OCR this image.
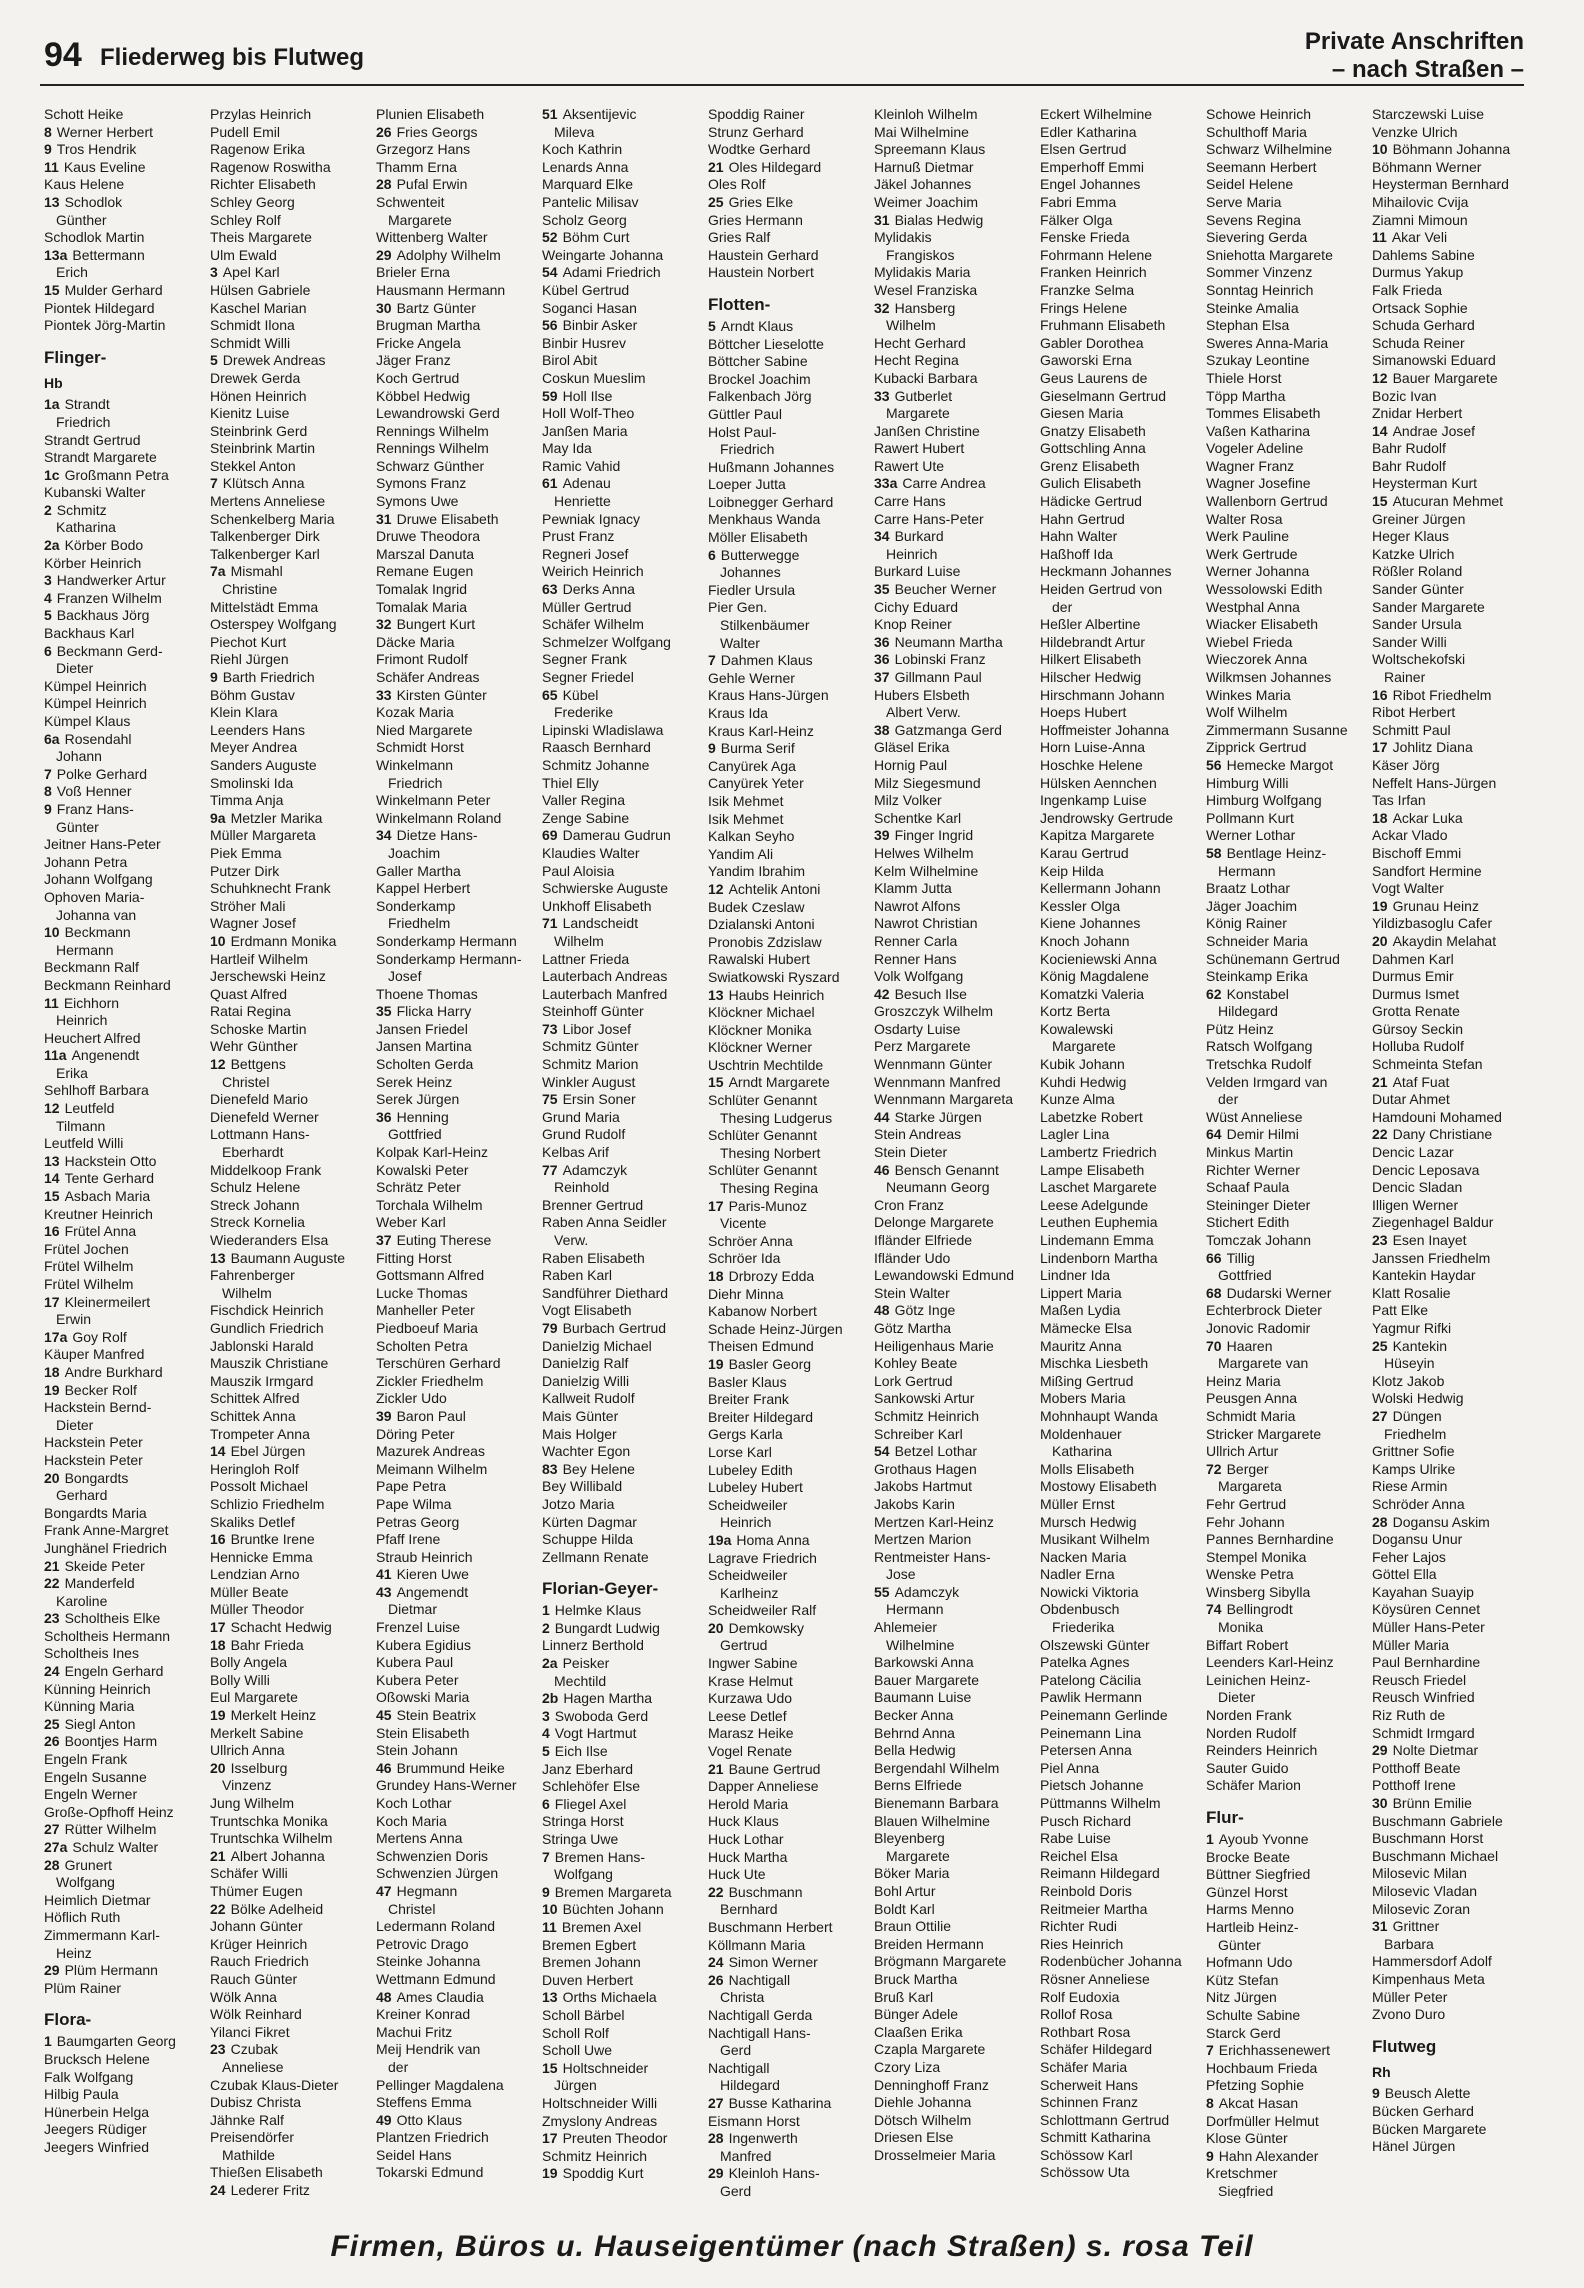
94 Fliederweg bis Flutweg
Private Anschriften
– nach Straßen –
Schott Heike
8 Werner Herbert
9 Tros Hendrik
11 Kaus Eveline
Kaus Helene
13 Schodlok
Günther
Schodlok Martin
13a Bettermann
Erich
15 Mulder Gerhard
Piontek Hildegard
Piontek Jörg-Martin
Flinger-
Hb
1a Strandt
Friedrich
Strandt Gertrud
Strandt Margarete
1c Großmann Petra
Kubanski Walter
2 Schmitz
Katharina
2a Körber Bodo
Körber Heinrich
3 Handwerker Artur
4 Franzen Wilhelm
5 Backhaus Jörg
Backhaus Karl
6 Beckmann Gerd-
Dieter
Kümpel Heinrich
Kümpel Heinrich
Kümpel Klaus
6a Rosendahl
Johann
7 Polke Gerhard
8 Voß Henner
9 Franz Hans-
Günter
Jeitner Hans-Peter
Johann Petra
Johann Wolfgang
Ophoven Maria-
Johanna van
10 Beckmann
Hermann
Beckmann Ralf
Beckmann Reinhard
11 Eichhorn
Heinrich
Heuchert Alfred
11a Angenendt
Erika
Sehlhoff Barbara
12 Leutfeld
Tilmann
Leutfeld Willi
13 Hackstein Otto
14 Tente Gerhard
15 Asbach Maria
Kreutner Heinrich
16 Frütel Anna
Frütel Jochen
Frütel Wilhelm
Frütel Wilhelm
17 Kleinermeilert
Erwin
17a Goy Rolf
Käuper Manfred
18 Andre Burkhard
19 Becker Rolf
Hackstein Bernd-
Dieter
Hackstein Peter
Hackstein Peter
20 Bongardts
Gerhard
Bongardts Maria
Frank Anne-Margret
Junghänel Friedrich
21 Skeide Peter
22 Manderfeld
Karoline
23 Scholtheis Elke
Scholtheis Hermann
Scholtheis Ines
24 Engeln Gerhard
Künning Heinrich
Künning Maria
25 Siegl Anton
26 Boontjes Harm
Engeln Frank
Engeln Susanne
Engeln Werner
Große-Opfhoff Heinz
27 Rütter Wilhelm
27a Schulz Walter
28 Grunert
Wolfgang
Heimlich Dietmar
Höflich Ruth
Zimmermann Karl-
Heinz
29 Plüm Hermann
Plüm Rainer
Flora-
1 Baumgarten Georg
Brucksch Helene
Falk Wolfgang
Hilbig Paula
Hünerbein Helga
Jeegers Rüdiger
Jeegers Winfried
Przylas Heinrich
Pudell Emil
Ragenow Erika
Ragenow Roswitha
Richter Elisabeth
Schley Georg
Schley Rolf
Theis Margarete
Ulm Ewald
3 Apel Karl
Hülsen Gabriele
Kaschel Marian
Schmidt Ilona
Schmidt Willi
5 Drewek Andreas
Drewek Gerda
Hönen Heinrich
Kienitz Luise
Steinbrink Gerd
Steinbrink Martin
Stekkel Anton
7 Klütsch Anna
Mertens Anneliese
Schenkelberg Maria
Talkenberger Dirk
Talkenberger Karl
7a Mismahl
Christine
Mittelstädt Emma
Osterspey Wolfgang
Piechot Kurt
Riehl Jürgen
9 Barth Friedrich
Böhm Gustav
Klein Klara
Leenders Hans
Meyer Andrea
Sanders Auguste
Smolinski Ida
Timma Anja
9a Metzler Marika
Müller Margareta
Piek Emma
Putzer Dirk
Schuhknecht Frank
Ströher Mali
Wagner Josef
10 Erdmann Monika
Hartleif Wilhelm
Jerschewski Heinz
Quast Alfred
Ratai Regina
Schoske Martin
Wehr Günther
12 Bettgens
Christel
Dienefeld Mario
Dienefeld Werner
Lottmann Hans-
Eberhardt
Middelkoop Frank
Schulz Helene
Streck Johann
Streck Kornelia
Wiederanders Elsa
13 Baumann Auguste
Fahrenberger
Wilhelm
Fischdick Heinrich
Gundlich Friedrich
Jablonski Harald
Mauszik Christiane
Mauszik Irmgard
Schittek Alfred
Schittek Anna
Trompeter Anna
14 Ebel Jürgen
Heringloh Rolf
Possolt Michael
Schlizio Friedhelm
Skaliks Detlef
16 Bruntke Irene
Hennicke Emma
Lendzian Arno
Müller Beate
Müller Theodor
17 Schacht Hedwig
18 Bahr Frieda
Bolly Angela
Bolly Willi
Eul Margarete
19 Merkelt Heinz
Merkelt Sabine
Ullrich Anna
20 Isselburg
Vinzenz
Jung Wilhelm
Truntschka Monika
Truntschka Wilhelm
21 Albert Johanna
Schäfer Willi
Thümer Eugen
22 Bölke Adelheid
Johann Günter
Krüger Heinrich
Rauch Friedrich
Rauch Günter
Wölk Anna
Wölk Reinhard
Yilanci Fikret
23 Czubak
Anneliese
Czubak Klaus-Dieter
Dubisz Christa
Jähnke Ralf
Preisendörfer
Mathilde
Thießen Elisabeth
24 Lederer Fritz
Plunien Elisabeth
26 Fries Georgs
Grzegorz Hans
Thamm Erna
28 Pufal Erwin
Schwenteit
Margarete
Wittenberg Walter
29 Adolphy Wilhelm
Brieler Erna
Hausmann Hermann
30 Bartz Günter
Brugman Martha
Fricke Angela
Jäger Franz
Koch Gertrud
Köbbel Hedwig
Lewandrowski Gerd
Rennings Wilhelm
Rennings Wilhelm
Schwarz Günther
Symons Franz
Symons Uwe
31 Druwe Elisabeth
Druwe Theodora
Marszal Danuta
Remane Eugen
Tomalak Ingrid
Tomalak Maria
32 Bungert Kurt
Däcke Maria
Frimont Rudolf
Schäfer Andreas
33 Kirsten Günter
Kozak Maria
Nied Margarete
Schmidt Horst
Winkelmann
Friedrich
Winkelmann Peter
Winkelmann Roland
34 Dietze Hans-
Joachim
Galler Martha
Kappel Herbert
Sonderkamp
Friedhelm
Sonderkamp Hermann
Sonderkamp Hermann-
Josef
Thoene Thomas
35 Flicka Harry
Jansen Friedel
Jansen Martina
Scholten Gerda
Serek Heinz
Serek Jürgen
36 Henning
Gottfried
Kolpak Karl-Heinz
Kowalski Peter
Schrätz Peter
Torchala Wilhelm
Weber Karl
37 Euting Therese
Fitting Horst
Gottsmann Alfred
Lucke Thomas
Manheller Peter
Piedboeuf Maria
Scholten Petra
Terschüren Gerhard
Zickler Friedhelm
Zickler Udo
39 Baron Paul
Döring Peter
Mazurek Andreas
Meimann Wilhelm
Pape Petra
Pape Wilma
Petras Georg
Pfaff Irene
Straub Heinrich
41 Kieren Uwe
43 Angemendt
Dietmar
Frenzel Luise
Kubera Egidius
Kubera Paul
Kubera Peter
Oßowski Maria
45 Stein Beatrix
Stein Elisabeth
Stein Johann
46 Brummund Heike
Grundey Hans-Werner
Koch Lothar
Koch Maria
Mertens Anna
Schwenzien Doris
Schwenzien Jürgen
47 Hegmann
Christel
Ledermann Roland
Petrovic Drago
Steinke Johanna
Wettmann Edmund
48 Ames Claudia
Kreiner Konrad
Machui Fritz
Meij Hendrik van
der
Pellinger Magdalena
Steffens Emma
49 Otto Klaus
Plantzen Friedrich
Seidel Hans
Tokarski Edmund
51 Aksentijevic
Mileva
Koch Kathrin
Lenards Anna
Marquard Elke
Pantelic Milisav
Scholz Georg
52 Böhm Curt
Weingarte Johanna
54 Adami Friedrich
Kübel Gertrud
Soganci Hasan
56 Binbir Asker
Binbir Husrev
Birol Abit
Coskun Mueslim
59 Holl Ilse
Holl Wolf-Theo
Janßen Maria
May Ida
Ramic Vahid
61 Adenau
Henriette
Pewniak Ignacy
Prust Franz
Regneri Josef
Weirich Heinrich
63 Derks Anna
Müller Gertrud
Schäfer Wilhelm
Schmelzer Wolfgang
Segner Frank
Segner Friedel
65 Kübel
Frederike
Lipinski Wladislawa
Raasch Bernhard
Schmitz Johanne
Thiel Elly
Valler Regina
Zenge Sabine
69 Damerau Gudrun
Klaudies Walter
Paul Aloisia
Schwierske Auguste
Unkhoff Elisabeth
71 Landscheidt
Wilhelm
Lattner Frieda
Lauterbach Andreas
Lauterbach Manfred
Steinhoff Günter
73 Libor Josef
Schmitz Günter
Schmitz Marion
Winkler August
75 Ersin Soner
Grund Maria
Grund Rudolf
Kelbas Arif
77 Adamczyk
Reinhold
Brenner Gertrud
Raben Anna Seidler
Verw.
Raben Elisabeth
Raben Karl
Sandführer Diethard
Vogt Elisabeth
79 Burbach Gertrud
Danielzig Michael
Danielzig Ralf
Danielzig Willi
Kallweit Rudolf
Mais Günter
Mais Holger
Wachter Egon
83 Bey Helene
Bey Willibald
Jotzo Maria
Kürten Dagmar
Schuppe Hilda
Zellmann Renate
Florian-Geyer-
1 Helmke Klaus
2 Bungardt Ludwig
Linnerz Berthold
2a Peisker
Mechtild
2b Hagen Martha
3 Swoboda Gerd
4 Vogt Hartmut
5 Eich Ilse
Janz Eberhard
Schlehöfer Else
6 Fliegel Axel
Stringa Horst
Stringa Uwe
7 Bremen Hans-
Wolfgang
9 Bremen Margareta
10 Büchten Johann
11 Bremen Axel
Bremen Egbert
Bremen Johann
Duven Herbert
13 Orths Michaela
Scholl Bärbel
Scholl Rolf
Scholl Uwe
15 Holtschneider
Jürgen
Holtschneider Willi
Zmyslony Andreas
17 Preuten Theodor
Schmitz Heinrich
19 Spoddig Kurt
Spoddig Rainer
Strunz Gerhard
Wodtke Gerhard
21 Oles Hildegard
Oles Rolf
25 Gries Elke
Gries Hermann
Gries Ralf
Haustein Gerhard
Haustein Norbert
Flotten-
5 Arndt Klaus
Böttcher Lieselotte
Böttcher Sabine
Brockel Joachim
Falkenbach Jörg
Güttler Paul
Holst Paul-
Friedrich
Hußmann Johannes
Loeper Jutta
Loibnegger Gerhard
Menkhaus Wanda
Möller Elisabeth
6 Butterwegge
Johannes
Fiedler Ursula
Pier Gen.
Stilkenbäumer
Walter
7 Dahmen Klaus
Gehle Werner
Kraus Hans-Jürgen
Kraus Ida
Kraus Karl-Heinz
9 Burma Serif
Canyürek Aga
Canyürek Yeter
Isik Mehmet
Isik Mehmet
Kalkan Seyho
Yandim Ali
Yandim Ibrahim
12 Achtelik Antoni
Budek Czeslaw
Dzialanski Antoni
Pronobis Zdzislaw
Rawalski Hubert
Swiatkowski Ryszard
13 Haubs Heinrich
Klöckner Michael
Klöckner Monika
Klöckner Werner
Uschtrin Mechtilde
15 Arndt Margarete
Schlüter Genannt
Thesing Ludgerus
Schlüter Genannt
Thesing Norbert
Schlüter Genannt
Thesing Regina
17 Paris-Munoz
Vicente
Schröer Anna
Schröer Ida
18 Drbrozy Edda
Diehr Minna
Kabanow Norbert
Schade Heinz-Jürgen
Theisen Edmund
19 Basler Georg
Basler Klaus
Breiter Frank
Breiter Hildegard
Gergs Karla
Lorse Karl
Lubeley Edith
Lubeley Hubert
Scheidweiler
Heinrich
19a Homa Anna
Lagrave Friedrich
Scheidweiler
Karlheinz
Scheidweiler Ralf
20 Demkowsky
Gertrud
Ingwer Sabine
Krase Helmut
Kurzawa Udo
Leese Detlef
Marasz Heike
Vogel Renate
21 Baune Gertrud
Dapper Anneliese
Herold Maria
Huck Klaus
Huck Lothar
Huck Martha
Huck Ute
22 Buschmann
Bernhard
Buschmann Herbert
Köllmann Maria
24 Simon Werner
26 Nachtigall
Christa
Nachtigall Gerda
Nachtigall Hans-
Gerd
Nachtigall
Hildegard
27 Busse Katharina
Eismann Horst
28 Ingenwerth
Manfred
29 Kleinloh Hans-
Gerd
Kleinloh Wilhelm
Mai Wilhelmine
Spreemann Klaus
Harnuß Dietmar
Jäkel Johannes
Weimer Joachim
31 Bialas Hedwig
Mylidakis
Frangiskos
Mylidakis Maria
Wesel Franziska
32 Hansberg
Wilhelm
Hecht Gerhard
Hecht Regina
Kubacki Barbara
33 Gutberlet
Margarete
Janßen Christine
Rawert Hubert
Rawert Ute
33a Carre Andrea
Carre Hans
Carre Hans-Peter
34 Burkard
Heinrich
Burkard Luise
35 Beucher Werner
Cichy Eduard
Knop Reiner
36 Neumann Martha
36 Lobinski Franz
37 Gillmann Paul
Hubers Elsbeth
Albert Verw.
38 Gatzmanga Gerd
Gläsel Erika
Hornig Paul
Milz Siegesmund
Milz Volker
Schentke Karl
39 Finger Ingrid
Helwes Wilhelm
Kelm Wilhelmine
Klamm Jutta
Nawrot Alfons
Nawrot Christian
Renner Carla
Renner Hans
Volk Wolfgang
42 Besuch Ilse
Groszczyk Wilhelm
Osdarty Luise
Perz Margarete
Wennmann Günter
Wennmann Manfred
Wennmann Margareta
44 Starke Jürgen
Stein Andreas
Stein Dieter
46 Bensch Genannt
Neumann Georg
Cron Franz
Delonge Margarete
Ifländer Elfriede
Ifländer Udo
Lewandowski Edmund
Stein Walter
48 Götz Inge
Götz Martha
Heiligenhaus Marie
Kohley Beate
Lork Gertrud
Sankowski Artur
Schmitz Heinrich
Schreiber Karl
54 Betzel Lothar
Grothaus Hagen
Jakobs Hartmut
Jakobs Karin
Mertzen Karl-Heinz
Mertzen Marion
Rentmeister Hans-
Jose
55 Adamczyk
Hermann
Ahlemeier
Wilhelmine
Barkowski Anna
Bauer Margarete
Baumann Luise
Becker Anna
Behrnd Anna
Bella Hedwig
Bergendahl Wilhelm
Berns Elfriede
Bienemann Barbara
Blauen Wilhelmine
Bleyenberg
Margarete
Böker Maria
Bohl Artur
Boldt Karl
Braun Ottilie
Breiden Hermann
Brögmann Margarete
Bruck Martha
Bruß Karl
Bünger Adele
Claaßen Erika
Czapla Margarete
Czory Liza
Denninghoff Franz
Diehle Johanna
Dötsch Wilhelm
Driesen Else
Drosselmeier Maria
Eckert Wilhelmine
Edler Katharina
Elsen Gertrud
Emperhoff Emmi
Engel Johannes
Fabri Emma
Fälker Olga
Fenske Frieda
Fohrmann Helene
Franken Heinrich
Franzke Selma
Frings Helene
Fruhmann Elisabeth
Gabler Dorothea
Gaworski Erna
Geus Laurens de
Gieselmann Gertrud
Giesen Maria
Gnatzy Elisabeth
Gottschling Anna
Grenz Elisabeth
Gulich Elisabeth
Hädicke Gertrud
Hahn Gertrud
Hahn Walter
Haßhoff Ida
Heckmann Johannes
Heiden Gertrud von
der
Heßler Albertine
Hildebrandt Artur
Hilkert Elisabeth
Hilscher Hedwig
Hirschmann Johann
Hoeps Hubert
Hoffmeister Johanna
Horn Luise-Anna
Hoschke Helene
Hülsken Aennchen
Ingenkamp Luise
Jendrowsky Gertrude
Kapitza Margarete
Karau Gertrud
Keip Hilda
Kellermann Johann
Kessler Olga
Kiene Johannes
Knoch Johann
Kocieniewski Anna
König Magdalene
Komatzki Valeria
Kortz Berta
Kowalewski
Margarete
Kubik Johann
Kuhdi Hedwig
Kunze Alma
Labetzke Robert
Lagler Lina
Lambertz Friedrich
Lampe Elisabeth
Laschet Margarete
Leese Adelgunde
Leuthen Euphemia
Lindemann Emma
Lindenborn Martha
Lindner Ida
Lippert Maria
Maßen Lydia
Mämecke Elsa
Mauritz Anna
Mischka Liesbeth
Mißing Gertrud
Mobers Maria
Mohnhaupt Wanda
Moldenhauer
Katharina
Molls Elisabeth
Mostowy Elisabeth
Müller Ernst
Mursch Hedwig
Musikant Wilhelm
Nacken Maria
Nadler Erna
Nowicki Viktoria
Obdenbusch
Friederika
Olszewski Günter
Patelka Agnes
Patelong Cäcilia
Pawlik Hermann
Peinemann Gerlinde
Peinemann Lina
Petersen Anna
Piel Anna
Pietsch Johanne
Püttmanns Wilhelm
Pusch Richard
Rabe Luise
Reichel Elsa
Reimann Hildegard
Reinbold Doris
Reitmeier Martha
Richter Rudi
Ries Heinrich
Rodenbücher Johanna
Rösner Anneliese
Rolf Eudoxia
Rollof Rosa
Rothbart Rosa
Schäfer Hildegard
Schäfer Maria
Scherweit Hans
Schinnen Franz
Schlottmann Gertrud
Schmitt Katharina
Schössow Karl
Schössow Uta
Schowe Heinrich
Schulthoff Maria
Schwarz Wilhelmine
Seemann Herbert
Seidel Helene
Serve Maria
Sevens Regina
Sievering Gerda
Sniehotta Margarete
Sommer Vinzenz
Sonntag Heinrich
Steinke Amalia
Stephan Elsa
Sweres Anna-Maria
Szukay Leontine
Thiele Horst
Töpp Martha
Tommes Elisabeth
Vaßen Katharina
Vogeler Adeline
Wagner Franz
Wagner Josefine
Wallenborn Gertrud
Walter Rosa
Werk Pauline
Werk Gertrude
Werner Johanna
Wessolowski Edith
Westphal Anna
Wiacker Elisabeth
Wiebel Frieda
Wieczorek Anna
Wilkmsen Johannes
Winkes Maria
Wolf Wilhelm
Zimmermann Susanne
Zipprick Gertrud
56 Hemecke Margot
Himburg Willi
Himburg Wolfgang
Pollmann Kurt
Werner Lothar
58 Bentlage Heinz-
Hermann
Braatz Lothar
Jäger Joachim
König Rainer
Schneider Maria
Schünemann Gertrud
Steinkamp Erika
62 Konstabel
Hildegard
Pütz Heinz
Ratsch Wolfgang
Tretschka Rudolf
Velden Irmgard van
der
Wüst Anneliese
64 Demir Hilmi
Minkus Martin
Richter Werner
Schaaf Paula
Steininger Dieter
Stichert Edith
Tomczak Johann
66 Tillig
Gottfried
68 Dudarski Werner
Echterbrock Dieter
Jonovic Radomir
70 Haaren
Margarete van
Heinz Maria
Peusgen Anna
Schmidt Maria
Stricker Margarete
Ullrich Artur
72 Berger
Margareta
Fehr Gertrud
Fehr Johann
Pannes Bernhardine
Stempel Monika
Wenske Petra
Winsberg Sibylla
74 Bellingrodt
Monika
Biffart Robert
Leenders Karl-Heinz
Leinichen Heinz-
Dieter
Norden Frank
Norden Rudolf
Reinders Heinrich
Sauter Guido
Schäfer Marion
Flur-
1 Ayoub Yvonne
Brocke Beate
Büttner Siegfried
Günzel Horst
Harms Menno
Hartleib Heinz-
Günter
Hofmann Udo
Kütz Stefan
Nitz Jürgen
Schulte Sabine
Starck Gerd
7 Erichhassenewert
Hochbaum Frieda
Pfetzing Sophie
8 Akcat Hasan
Dorfmüller Helmut
Klose Günter
9 Hahn Alexander
Kretschmer
Siegfried
Starczewski Luise
Venzke Ulrich
10 Böhmann Johanna
Böhmann Werner
Heysterman Bernhard
Mihailovic Cvija
Ziamni Mimoun
11 Akar Veli
Dahlems Sabine
Durmus Yakup
Falk Frieda
Ortsack Sophie
Schuda Gerhard
Schuda Reiner
Simanowski Eduard
12 Bauer Margarete
Bozic Ivan
Znidar Herbert
14 Andrae Josef
Bahr Rudolf
Bahr Rudolf
Heysterman Kurt
15 Atucuran Mehmet
Greiner Jürgen
Heger Klaus
Katzke Ulrich
Rößler Roland
Sander Günter
Sander Margarete
Sander Ursula
Sander Willi
Woltschekofski
Rainer
16 Ribot Friedhelm
Ribot Herbert
Schmitt Paul
17 Johlitz Diana
Käser Jörg
Neffelt Hans-Jürgen
Tas Irfan
18 Ackar Luka
Ackar Vlado
Bischoff Emmi
Sandfort Hermine
Vogt Walter
19 Grunau Heinz
Yildizbasoglu Cafer
20 Akaydin Melahat
Dahmen Karl
Durmus Emir
Durmus Ismet
Grotta Renate
Gürsoy Seckin
Holluba Rudolf
Schmeinta Stefan
21 Ataf Fuat
Dutar Ahmet
Hamdouni Mohamed
22 Dany Christiane
Dencic Lazar
Dencic Leposava
Dencic Sladan
Illigen Werner
Ziegenhagel Baldur
23 Esen Inayet
Janssen Friedhelm
Kantekin Haydar
Klatt Rosalie
Patt Elke
Yagmur Rifki
25 Kantekin
Hüseyin
Klotz Jakob
Wolski Hedwig
27 Düngen
Friedhelm
Grittner Sofie
Kamps Ulrike
Riese Armin
Schröder Anna
28 Dogansu Askim
Dogansu Unur
Feher Lajos
Göttel Ella
Kayahan Suayip
Köysüren Cennet
Müller Hans-Peter
Müller Maria
Paul Bernhardine
Reusch Friedel
Reusch Winfried
Riz Ruth de
Schmidt Irmgard
29 Nolte Dietmar
Potthoff Beate
Potthoff Irene
30 Brünn Emilie
Buschmann Gabriele
Buschmann Horst
Buschmann Michael
Milosevic Milan
Milosevic Vladan
Milosevic Zoran
31 Grittner
Barbara
Hammersdorf Adolf
Kimpenhaus Meta
Müller Peter
Zvono Duro
Flutweg
Rh
9 Beusch Alette
Bücken Gerhard
Bücken Margarete
Hänel Jürgen
Firmen, Büros u. Hauseigentümer (nach Straßen) s. rosa Teil
